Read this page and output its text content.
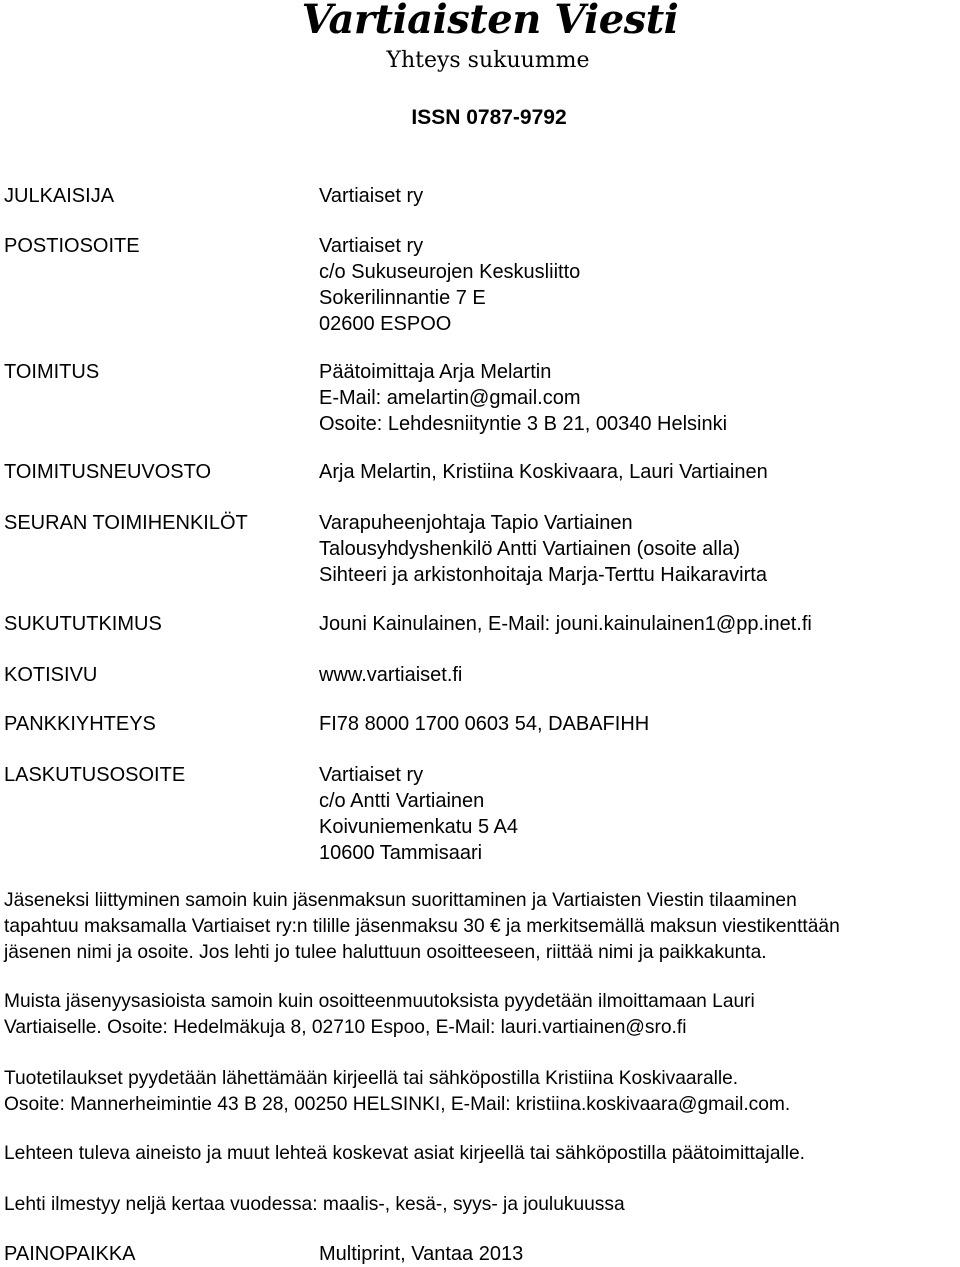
Vartiaisten Viesti
Yhteys sukuumme
ISSN 0787-9792
JULKAISIJA	Vartiaiset ry
POSTIOSOITE	Vartiaiset ry
c/o Sukuseurojen Keskusliitto
Sokerilinnantie 7 E
02600 ESPOO
TOIMITUS	Päätoimittaja Arja Melartin
E-Mail: amelartin@gmail.com
Osoite: Lehdesniityntie 3 B 21, 00340 Helsinki
TOIMITUSNEUVOSTO	Arja Melartin, Kristiina Koskivaara, Lauri Vartiainen
SEURAN TOIMIHENKILÖT	Varapuheenjohtaja Tapio Vartiainen
Talousyhdyshenkilö Antti Vartiainen (osoite alla)
Sihteeri ja arkistonhoitaja Marja-Terttu Haikaravirta
SUKUTUTKIMUS	Jouni Kainulainen, E-Mail: jouni.kainulainen1@pp.inet.fi
KOTISIVU	www.vartiaiset.fi
PANKKIYHTEYS	FI78 8000 1700 0603 54, DABAFIHH
LASKUTUSOSOITE	Vartiaiset ry
c/o Antti Vartiainen
Koivuniemenkatu 5 A4
10600 Tammisaari
Jäseneksi liittyminen samoin kuin jäsenmaksun suorittaminen ja Vartiaisten Viestin tilaaminen
tapahtuu maksamalla Vartiaiset ry:n tilille jäsenmaksu 30 € ja merkitsemällä maksun viestikenttään
jäsenen nimi ja osoite. Jos lehti jo tulee haluttuun osoitteeseen, riittää nimi ja paikkakunta.
Muista jäsenyysasioista samoin kuin osoitteenmuutoksista pyydetään ilmoittamaan Lauri
Vartiaiselle. Osoite: Hedelmäkuja 8, 02710 Espoo, E-Mail: lauri.vartiainen@sro.fi
Tuotetilaukset pyydetään lähettämään kirjeellä tai sähköpostilla Kristiina Koskivaaralle.
Osoite: Mannerheimintie 43 B 28, 00250 HELSINKI, E-Mail: kristiina.koskivaara@gmail.com.
Lehteen tuleva aineisto ja muut lehteä koskevat asiat kirjeellä tai sähköpostilla päätoimittajalle.
Lehti ilmestyy neljä kertaa vuodessa: maalis-, kesä-, syys- ja joulukuussa
PAINOPAIKKA	Multiprint, Vantaa 2013
